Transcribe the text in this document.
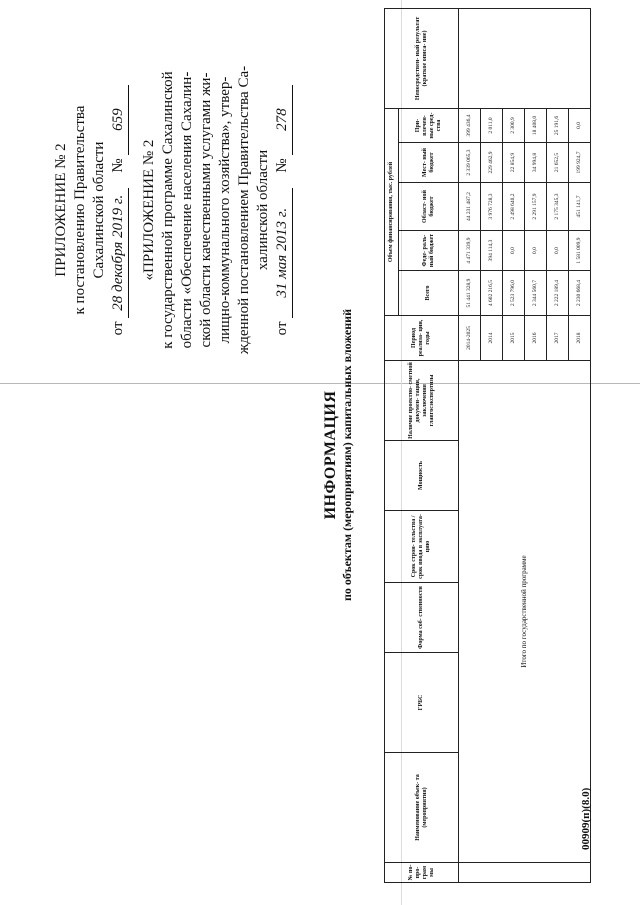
ПРИЛОЖЕНИЕ № 2 к постановлению Правительства Сахалинской области
от 28 декабря 2019 г.    № 659
«ПРИЛОЖЕНИЕ № 2 к государственной программе Сахалинской области «Обеспечение населения Сахалин- ской области качественными услугами жи- лищно-коммунального хозяйства», утвер- жденной постановлением Правительства Са- халинской области
от 31 мая 2013 г.    № 278
ИНФОРМАЦИЯ по объектам (мероприятиям) капитальных вложений
№ по- про- грам мы	Наименование объек- та (мероприятия)	ГРБС	Форма соб- ственности	Срок строи- тельства / срок ввода в эксплуата- цию	Мощность	Наличие проектно- сметной докумен- тации, заключения главгосэкспертизы	Период реализа- ции, годы	Объем финансирования, тыс. рублей					Непосредствен- ный результат (краткое описа- ние)
								Всего	Феде- раль- ный бюджет	Област- ной бюджет	Мест- ный бюджет	При- влечен- ные сред- ства	
	Итого по государственной программе						2014-2025	51 441 328,9	4 471 339,9	44 231 487,2	2 339 065,3	399 436,4	
							2014	4 602 216,5	394 114,3	3 976 728,3	229 462,9	2 011,0	
							2015	2 523 796,0	0,0	2 498 640,2	22 854,9	2 300,9	
							2016	2 344 560,7	0,0	2 291 157,9	34 994,8	18 408,0	
							2017	2 222 189,4	0,0	2 175 345,3	21 652,5	25 191,6	
							2018	2 230 668,4	1 581 009,9	451 141,7	199 924,7	0,0	
00909(п)(8.0)
